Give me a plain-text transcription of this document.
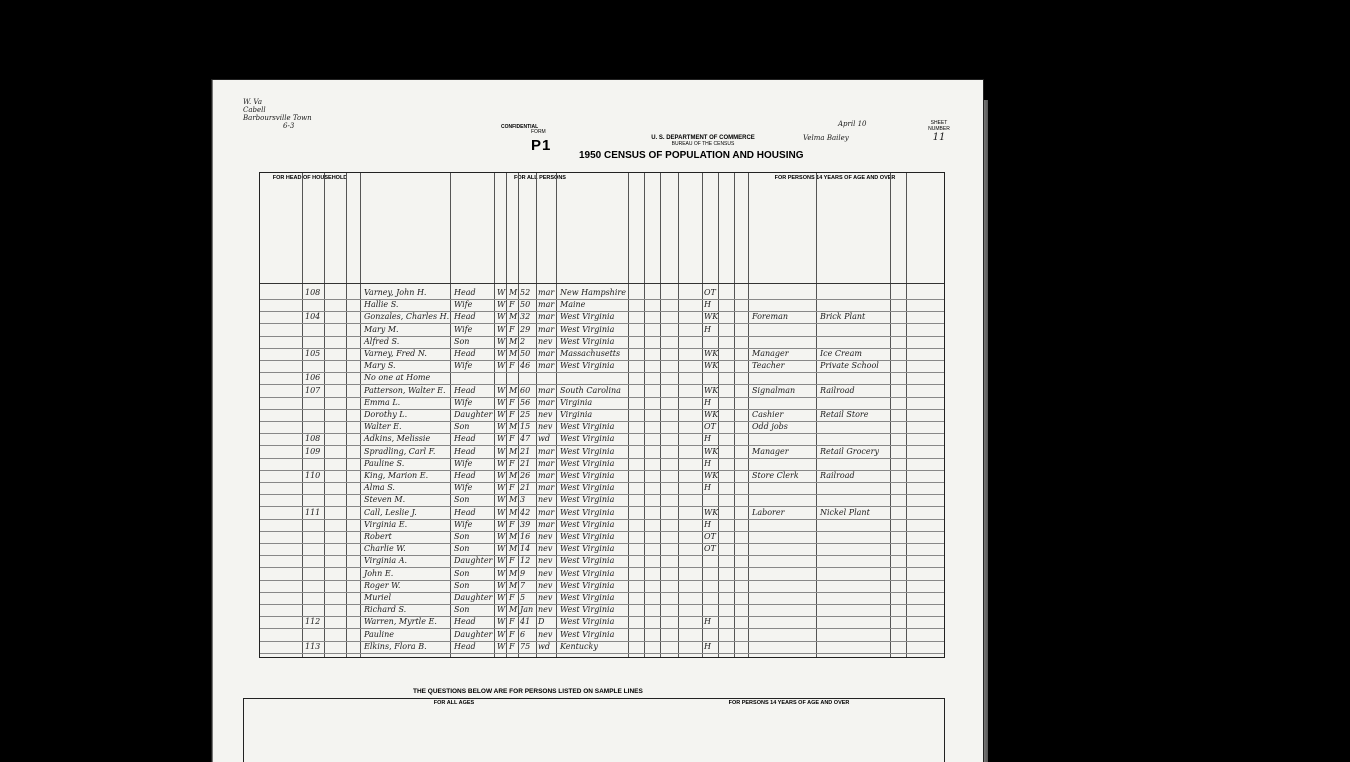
W. Va
Cabell
Barboursville Town
6-3	CONFIDENTIAL
FORM
P1	U. S. DEPARTMENT OF COMMERCE
BUREAU OF THE CENSUS
1950 CENSUS OF POPULATION AND HOUSING
April 10
Velma Bailey
SHEET NUMBER
11
FOR HEAD OF HOUSEHOLD	FOR ALL PERSONS	FOR PERSONS 14 YEARS OF AGE AND OVER
108	Varney, John H.	Head	W M 52 mar New Hampshire	OT
Hallie S.	Wife	W F 50 mar Maine	H
104	Gonzales, Charles H. Head	W M 32 mar West Virginia	WK	Foreman	Brick Plant
Mary M.	Wife	W F 29 mar West Virginia	H
Alfred S.	Son	W M 2 nev West Virginia
105	Varney, Fred N.	Head	W M 50 mar Massachusetts	WK	Manager	Ice Cream
Mary S.	Wife	W F 46 mar West Virginia	WK	Teacher	Private School
106	No one at Home
107	Patterson, Walter E. Head	W M 60 mar South Carolina	WK	Signalman	Railroad
Emma L.	Wife	W F 56 mar Virginia	H
Dorothy L.	Daughter W F 25 nev Virginia	WK	Cashier	Retail Store
Walter E.	Son	W M 15 nev West Virginia	OT	Odd jobs
108	Adkins, Melissie	Head	W F 47 wd West Virginia	H
109	Spradling, Carl F. Head	W M 21 mar West Virginia	WK	Manager	Retail Grocery
Pauline S.	Wife	W F 21 mar West Virginia	H
110	King, Marion E.	Head	W M 26 mar West Virginia	WK	Store Clerk	Railroad
Alma S.	Wife	W F 21 mar West Virginia	H
Steven M.	Son	W M 3 nev West Virginia
111	Call, Leslie J.	Head	W M 42 mar West Virginia	WK	Laborer	Nickel Plant
Virginia E.	Wife	W F 39 mar West Virginia	H
Robert	Son	W M 16 nev West Virginia	OT
Charlie W.	Son	W M 14 nev West Virginia	OT
Virginia A.	Daughter W F 12 nev West Virginia
John E.	Son	W M 9 nev West Virginia
Roger W.	Son	W M 7 nev West Virginia
Muriel	Daughter W F 5 nev West Virginia
Richard S.	Son	W M Jan nev West Virginia
112	Warren, Myrtle E. Head	W F 41 D West Virginia	H
Pauline	Daughter W F 6 nev West Virginia
113	Elkins, Flora B.	Head	W F 75 wd Kentucky	H
THE QUESTIONS BELOW ARE FOR PERSONS LISTED ON SAMPLE LINES
FOR ALL AGES	FOR PERSONS 14 YEARS OF AGE AND OVER
